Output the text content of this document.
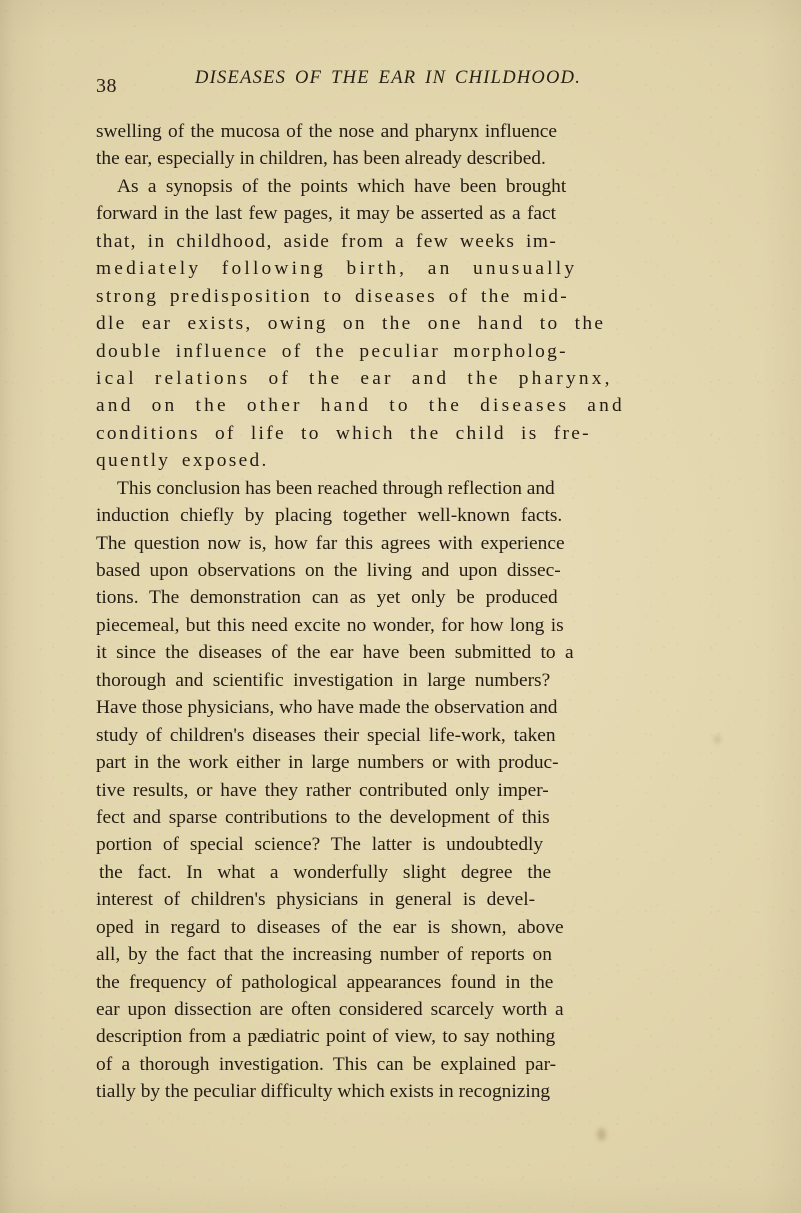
38	DISEASES OF THE EAR IN CHILDHOOD.
swelling of the mucosa of the nose and pharynx influence
the ear, especially in children, has been already described.
As a synopsis of the points which have been brought
forward in the last few pages, it may be asserted as a fact
that, in childhood, aside from a few weeks im-
mediately following birth, an unusually
strong predisposition to diseases of the mid-
dle ear exists, owing on the one hand to the
double influence of the peculiar morpholog-
ical relations of the ear and the pharynx,
and on the other hand to the diseases and
conditions of life to which the child is fre-
quently exposed.
This conclusion has been reached through reflection and
induction chiefly by placing together well-known facts.
The question now is, how far this agrees with experience
based upon observations on the living and upon dissec-
tions. The demonstration can as yet only be produced
piecemeal, but this need excite no wonder, for how long is
it since the diseases of the ear have been submitted to a
thorough and scientific investigation in large numbers?
Have those physicians, who have made the observation and
study of children's diseases their special life-work, taken
part in the work either in large numbers or with produc-
tive results, or have they rather contributed only imper-
fect and sparse contributions to the development of this
portion of special science? The latter is undoubtedly
the fact. In what a wonderfully slight degree the
interest of children's physicians in general is devel-
oped in regard to diseases of the ear is shown, above
all, by the fact that the increasing number of reports on
the frequency of pathological appearances found in the
ear upon dissection are often considered scarcely worth a
description from a pædiatric point of view, to say nothing
of a thorough investigation. This can be explained par-
tially by the peculiar difficulty which exists in recognizing
